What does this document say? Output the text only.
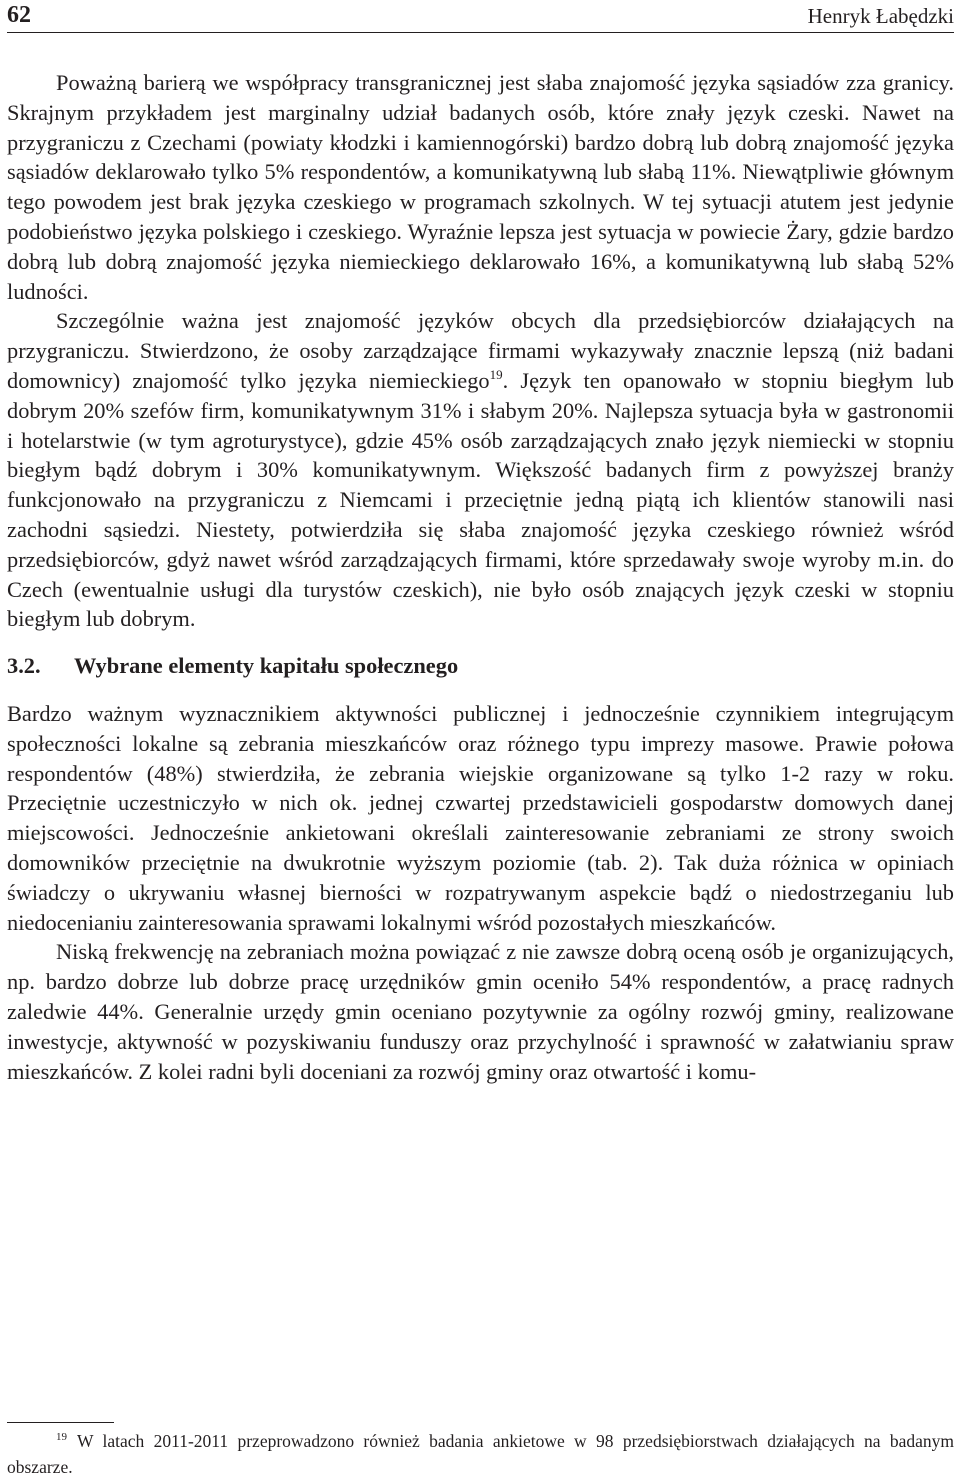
62	Henryk Łabędzki

Poważną barierą we współpracy transgranicznej jest słaba znajomość języka sąsiadów zza granicy. Skrajnym przykładem jest marginalny udział badanych osób, które znały język czeski. Nawet na przygraniczu z Czechami (powiaty kłodzki i kamiennogórski) bardzo dobrą lub dobrą znajomość języka sąsiadów deklarowało tylko 5% respondentów, a komunikatywną lub słabą 11%. Niewątpliwie głównym tego powodem jest brak języka czeskiego w programach szkolnych. W tej sytuacji atutem jest jedynie podobieństwo języka polskiego i czeskiego. Wyraźnie lepsza jest sytuacja w powiecie Żary, gdzie bardzo dobrą lub dobrą znajomość języka niemieckiego deklarowało 16%, a komunikatywną lub słabą 52% ludności.

Szczególnie ważna jest znajomość języków obcych dla przedsiębiorców działających na przygraniczu. Stwierdzono, że osoby zarządzające firmami wykazywały znacznie lepszą (niż badani domownicy) znajomość tylko języka niemieckiego$^{19}$. Język ten opanowało w stopniu biegłym lub dobrym 20% szefów firm, komunikatywnym 31% i słabym 20%. Najlepsza sytuacja była w gastronomii i hotelarstwie (w tym agroturystyce), gdzie 45% osób zarządzających znało język niemiecki w stopniu biegłym bądź dobrym i 30% komunikatywnym. Większość badanych firm z powyższej branży funkcjonowało na przygraniczu z Niemcami i przeciętnie jedną piątą ich klientów stanowili nasi zachodni sąsiedzi. Niestety, potwierdziła się słaba znajomość języka czeskiego również wśród przedsiębiorców, gdyż nawet wśród zarządzających firmami, które sprzedawały swoje wyroby m.in. do Czech (ewentualnie usługi dla turystów czeskich), nie było osób znających język czeski w stopniu biegłym lub dobrym.

3.2.	Wybrane elementy kapitału społecznego

Bardzo ważnym wyznacznikiem aktywności publicznej i jednocześnie czynnikiem integrującym społeczności lokalne są zebrania mieszkańców oraz różnego typu imprezy masowe. Prawie połowa respondentów (48%) stwierdziła, że zebrania wiejskie organizowane są tylko 1-2 razy w roku. Przeciętnie uczestniczyło w nich ok. jednej czwartej przedstawicieli gospodarstw domowych danej miejscowości. Jednocześnie ankietowani określali zainteresowanie zebraniami ze strony swoich domowników przeciętnie na dwukrotnie wyższym poziomie (tab. 2). Tak duża różnica w opiniach świadczy o ukrywaniu własnej bierności w rozpatrywanym aspekcie bądź o niedostrzeganiu lub niedocenianiu zainteresowania sprawami lokalnymi wśród pozostałych mieszkańców.

Niską frekwencję na zebraniach można powiązać z nie zawsze dobrą oceną osób je organizujących, np. bardzo dobrze lub dobrze pracę urzędników gmin oceniło 54% respondentów, a pracę radnych zaledwie 44%. Generalnie urzędy gmin oceniano pozytywnie za ogólny rozwój gminy, realizowane inwestycje, aktywność w pozyskiwaniu funduszy oraz przychylność i sprawność w załatwianiu spraw mieszkańców. Z kolei radni byli doceniani za rozwój gminy oraz otwartość i komu-

$^{19}$ W latach 2011-2011 przeprowadzono również badania ankietowe w 98 przedsiębiorstwach działających na badanym obszarze.
